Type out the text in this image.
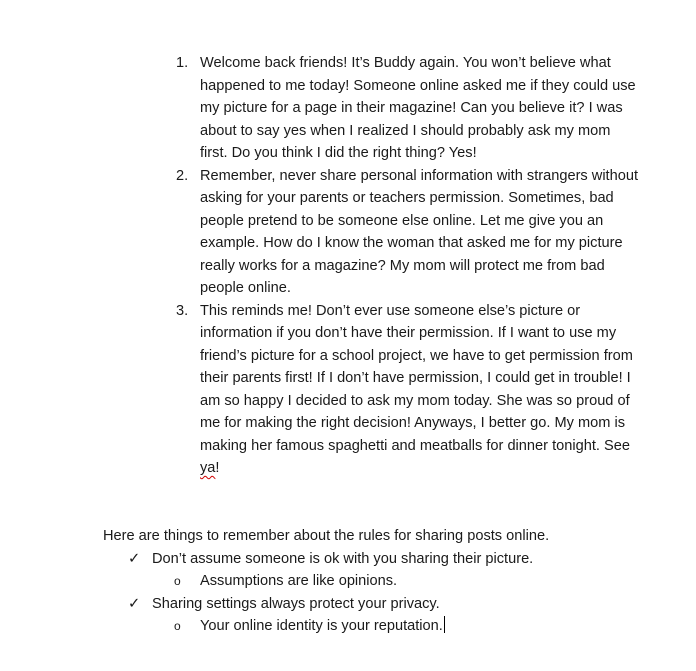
1. Welcome back friends! It’s Buddy again. You won’t believe what happened to me today! Someone online asked me if they could use my picture for a page in their magazine! Can you believe it? I was about to say yes when I realized I should probably ask my mom first. Do you think I did the right thing? Yes!
2. Remember, never share personal information with strangers without asking for your parents or teachers permission. Sometimes, bad people pretend to be someone else online. Let me give you an example. How do I know the woman that asked me for my picture really works for a magazine? My mom will protect me from bad people online.
3. This reminds me! Don’t ever use someone else’s picture or information if you don’t have their permission. If I want to use my friend’s picture for a school project, we have to get permission from their parents first! If I don’t have permission, I could get in trouble! I am so happy I decided to ask my mom today. She was so proud of me for making the right decision! Anyways, I better go. My mom is making her famous spaghetti and meatballs for dinner tonight. See ya!
Here are things to remember about the rules for sharing posts online.
✓ Don’t assume someone is ok with you sharing their picture.
o Assumptions are like opinions.
✓ Sharing settings always protect your privacy.
o Your online identity is your reputation.
